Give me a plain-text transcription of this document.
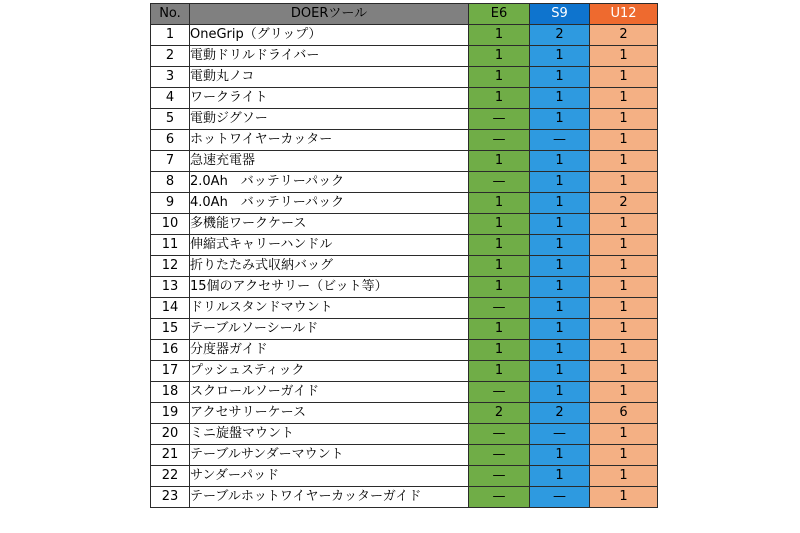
No.	DOERツール	E6	S9	U12
1	OneGrip（グリップ）	1	2	2
2	電動ドリルドライバー	1	1	1
3	電動丸ノコ	1	1	1
4	ワークライト	1	1	1
5	電動ジグソー	—	1	1
6	ホットワイヤーカッター	—	—	1
7	急速充電器	1	1	1
8	2.0Ah　バッテリーパック	—	1	1
9	4.0Ah　バッテリーパック	1	1	2
10	多機能ワークケース	1	1	1
11	伸縮式キャリーハンドル	1	1	1
12	折りたたみ式収納バッグ	1	1	1
13	15個のアクセサリー（ビット等）	1	1	1
14	ドリルスタンドマウント	—	1	1
15	テーブルソーシールド	1	1	1
16	分度器ガイド	1	1	1
17	プッシュスティック	1	1	1
18	スクロールソーガイド	—	1	1
19	アクセサリーケース	2	2	6
20	ミニ旋盤マウント	—	—	1
21	テーブルサンダーマウント	—	1	1
22	サンダーパッド	—	1	1
23	テーブルホットワイヤーカッターガイド	—	—	1
